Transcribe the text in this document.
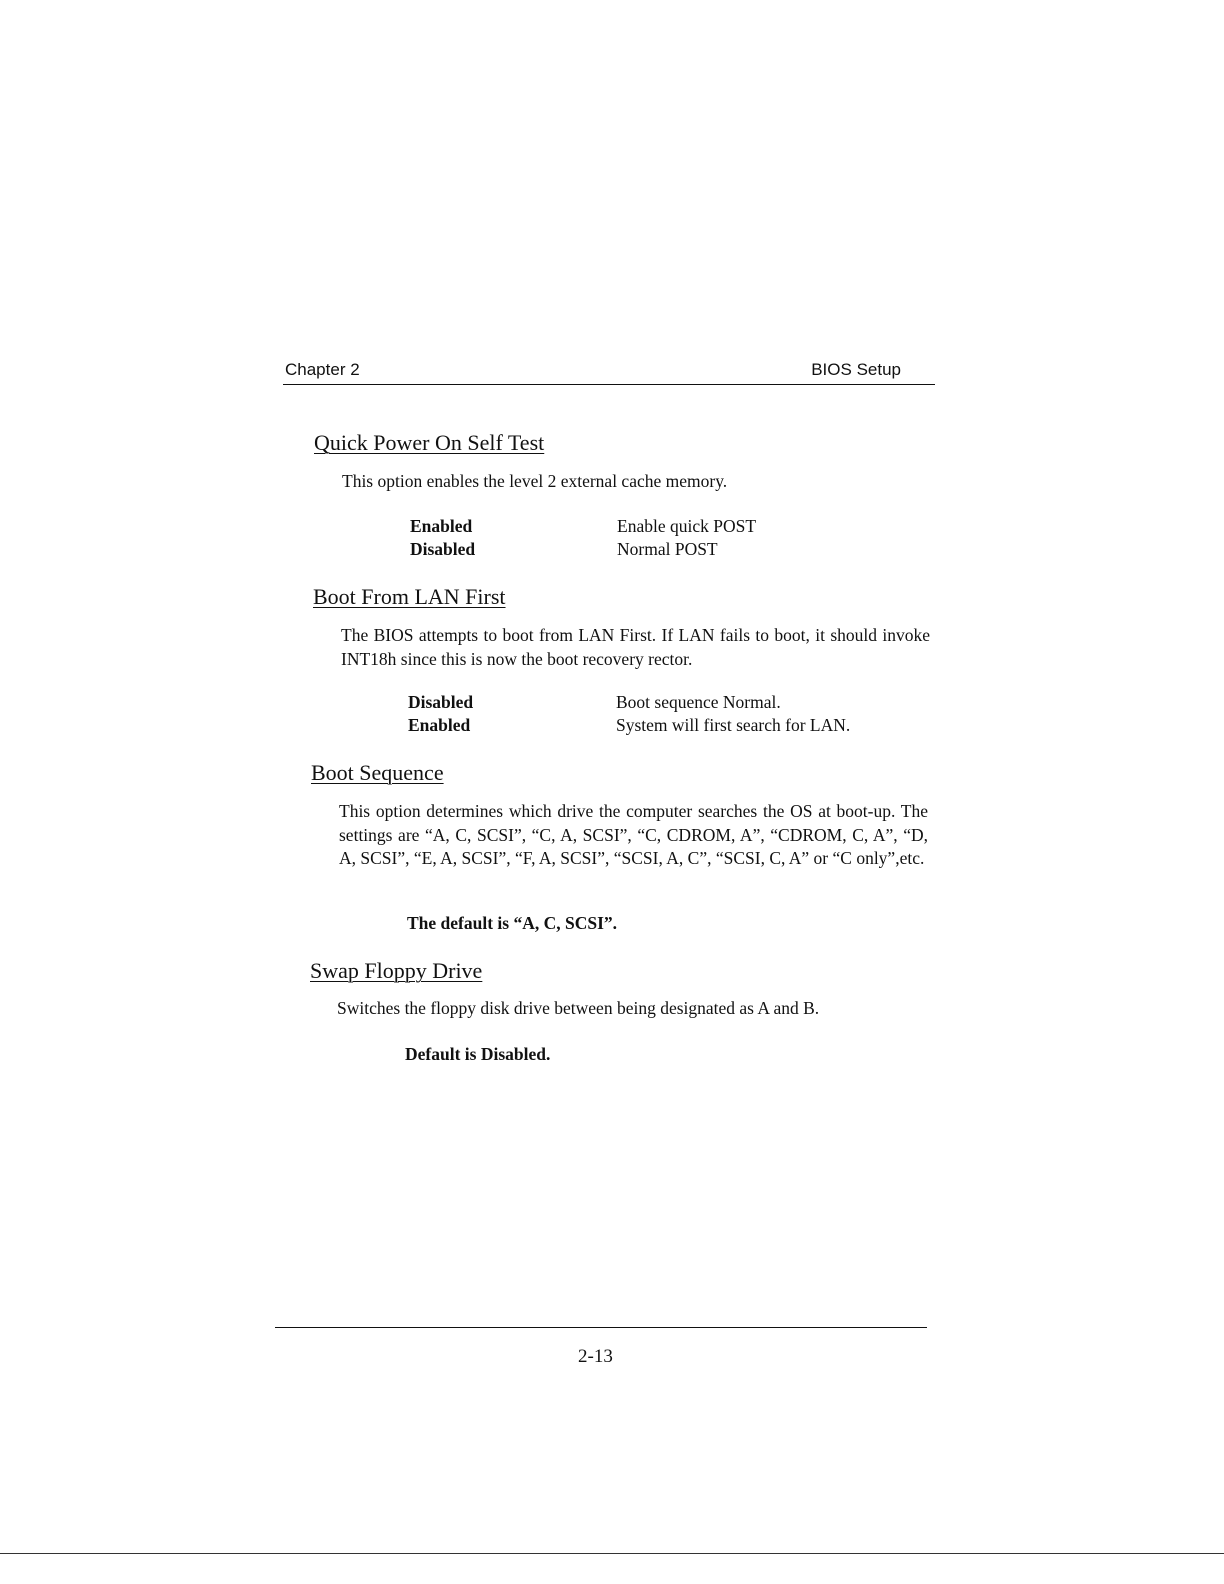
Chapter 2	BIOS Setup
Quick Power On Self Test
This option enables the level 2 external cache memory.
Enabled	Enable quick POST
Disabled	Normal POST
Boot From LAN First
The BIOS attempts to boot from LAN First. If LAN fails to boot, it should invoke INT18h since this is now the boot recovery rector.
Disabled	Boot sequence Normal.
Enabled	System will first search for LAN.
Boot Sequence
This option determines which drive the computer searches the OS at boot-up. The settings are “A, C, SCSI”, “C, A, SCSI”, “C, CDROM, A”, “CDROM, C, A”, “D, A, SCSI”, “E, A, SCSI”, “F, A, SCSI”, “SCSI, A, C”, “SCSI, C, A” or “C only”,etc.
The default is “A, C, SCSI”.
Swap Floppy Drive
Switches the floppy disk drive between being designated as A and B.
Default is Disabled.
2-13
